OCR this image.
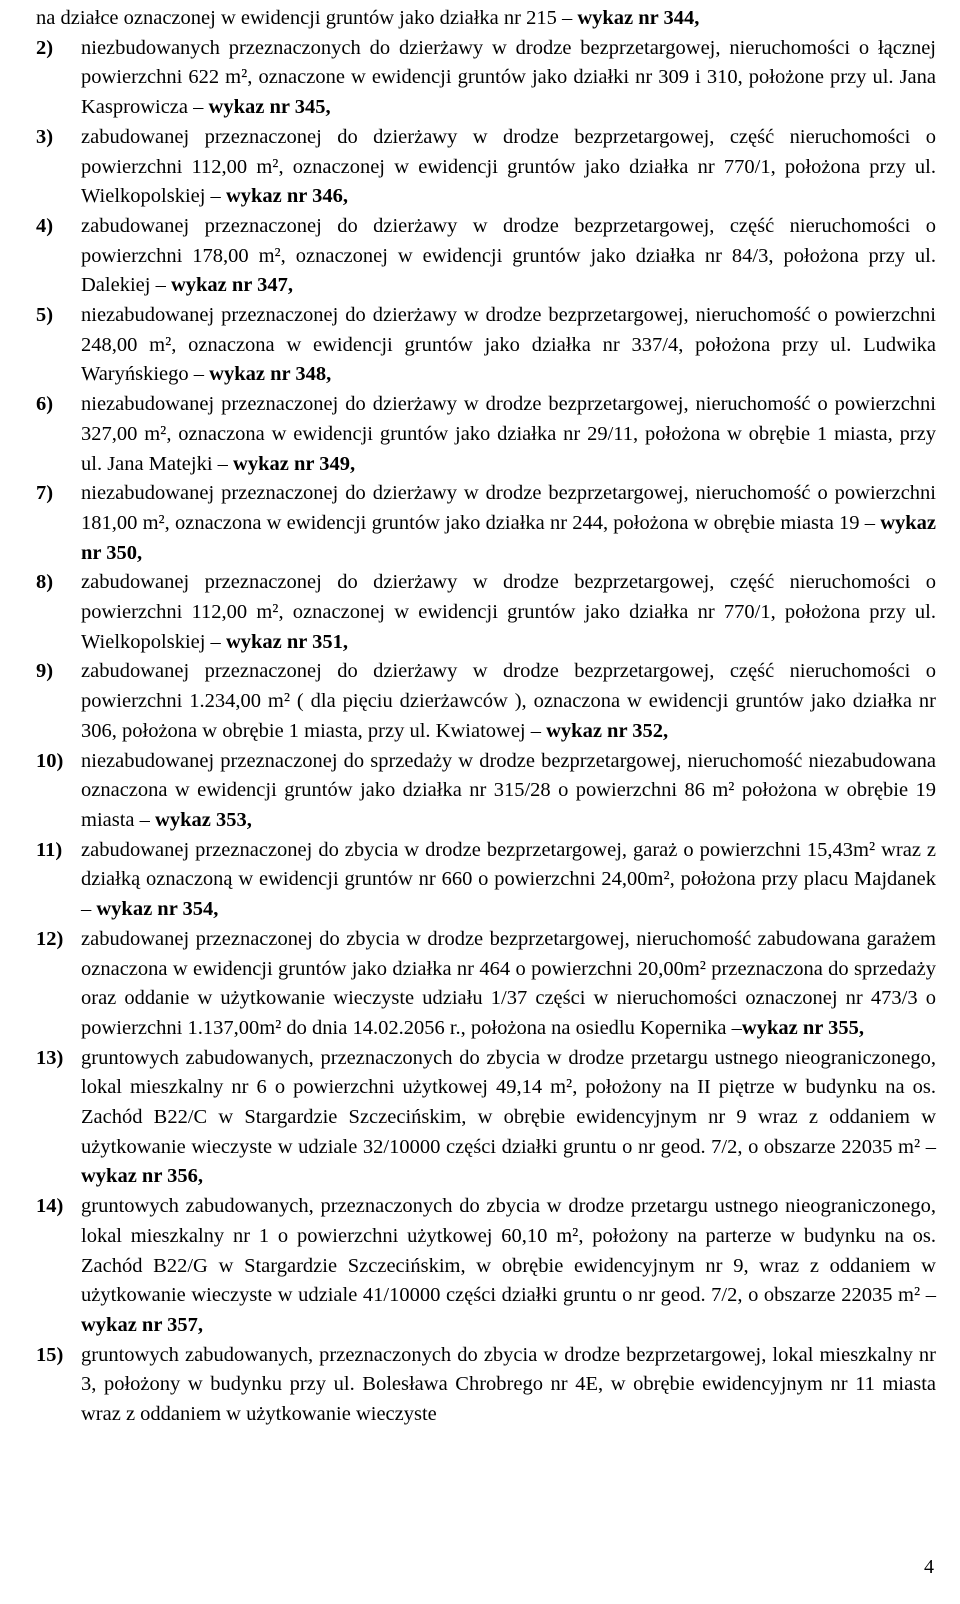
na działce oznaczonej w ewidencji gruntów jako działka nr 215 – wykaz nr 344,

2)	niezbudowanych przeznaczonych do dzierżawy w drodze bezprzetargowej, nieruchomości o łącznej powierzchni 622 m², oznaczone w ewidencji gruntów jako działki nr 309 i 310, położone przy ul. Jana Kasprowicza – wykaz nr 345,
3)	zabudowanej przeznaczonej do dzierżawy w drodze bezprzetargowej, część nieruchomości o powierzchni 112,00 m², oznaczonej w ewidencji gruntów jako działka nr 770/1, położona przy ul. Wielkopolskiej – wykaz nr 346,
4)	zabudowanej przeznaczonej do dzierżawy w drodze bezprzetargowej, część nieruchomości o powierzchni 178,00 m², oznaczonej w ewidencji gruntów jako działka nr 84/3, położona przy ul. Dalekiej – wykaz nr 347,
5)	niezabudowanej przeznaczonej do dzierżawy w drodze bezprzetargowej, nieruchomość o powierzchni 248,00 m², oznaczona w ewidencji gruntów jako działka nr 337/4, położona przy ul. Ludwika Waryńskiego – wykaz nr 348,
6)	niezabudowanej przeznaczonej do dzierżawy w drodze bezprzetargowej, nieruchomość o powierzchni 327,00 m², oznaczona w ewidencji gruntów jako działka nr 29/11, położona w obrębie 1 miasta, przy ul. Jana Matejki – wykaz nr 349,
7)	niezabudowanej przeznaczonej do dzierżawy w drodze bezprzetargowej, nieruchomość o powierzchni 181,00 m², oznaczona w ewidencji gruntów jako działka nr 244, położona w obrębie miasta 19 – wykaz nr 350,
8)	zabudowanej przeznaczonej do dzierżawy w drodze bezprzetargowej, część nieruchomości o powierzchni 112,00 m², oznaczonej w ewidencji gruntów jako działka nr 770/1, położona przy ul. Wielkopolskiej – wykaz nr 351,
9)	zabudowanej przeznaczonej do dzierżawy w drodze bezprzetargowej, część nieruchomości o powierzchni 1.234,00 m² ( dla pięciu dzierżawców ), oznaczona w ewidencji gruntów jako działka nr 306, położona w obrębie 1 miasta, przy ul. Kwiatowej – wykaz nr 352,
10) niezabudowanej przeznaczonej do sprzedaży w drodze bezprzetargowej, nieruchomość niezabudowana oznaczona w ewidencji gruntów jako działka nr 315/28 o powierzchni 86 m² położona w obrębie 19 miasta – wykaz 353,
11) zabudowanej przeznaczonej do zbycia w drodze bezprzetargowej, garaż o powierzchni 15,43m² wraz z działką oznaczoną w ewidencji gruntów nr 660 o powierzchni 24,00m², położona przy placu Majdanek – wykaz nr 354,
12) zabudowanej przeznaczonej do zbycia w drodze bezprzetargowej, nieruchomość zabudowana garażem oznaczona w ewidencji gruntów jako działka nr 464 o powierzchni 20,00m² przeznaczona do sprzedaży oraz oddanie w użytkowanie wieczyste udziału 1/37 części w nieruchomości oznaczonej nr 473/3 o powierzchni 1.137,00m² do dnia 14.02.2056 r., położona na osiedlu Kopernika –wykaz nr 355,
13) gruntowych zabudowanych, przeznaczonych do zbycia w drodze przetargu ustnego nieograniczonego, lokal mieszkalny nr 6 o powierzchni użytkowej 49,14 m², położony na II piętrze w budynku na os. Zachód B22/C w Stargardzie Szczecińskim, w obrębie ewidencyjnym nr 9 wraz z oddaniem w użytkowanie wieczyste w udziale 32/10000 części działki gruntu o nr geod. 7/2, o obszarze 22035 m² – wykaz nr 356,
14) gruntowych zabudowanych, przeznaczonych do zbycia w drodze przetargu ustnego nieograniczonego, lokal mieszkalny nr 1 o powierzchni użytkowej 60,10 m², położony na parterze w budynku na os. Zachód B22/G w Stargardzie Szczecińskim, w obrębie ewidencyjnym nr 9, wraz z oddaniem w użytkowanie wieczyste w udziale 41/10000 części działki gruntu o nr geod. 7/2, o obszarze 22035 m² – wykaz nr 357,
15) gruntowych zabudowanych, przeznaczonych do zbycia w drodze bezprzetargowej, lokal mieszkalny nr 3, położony w budynku przy ul. Bolesława Chrobrego nr 4E, w obrębie ewidencyjnym nr 11 miasta wraz z oddaniem w użytkowanie wieczyste
4
